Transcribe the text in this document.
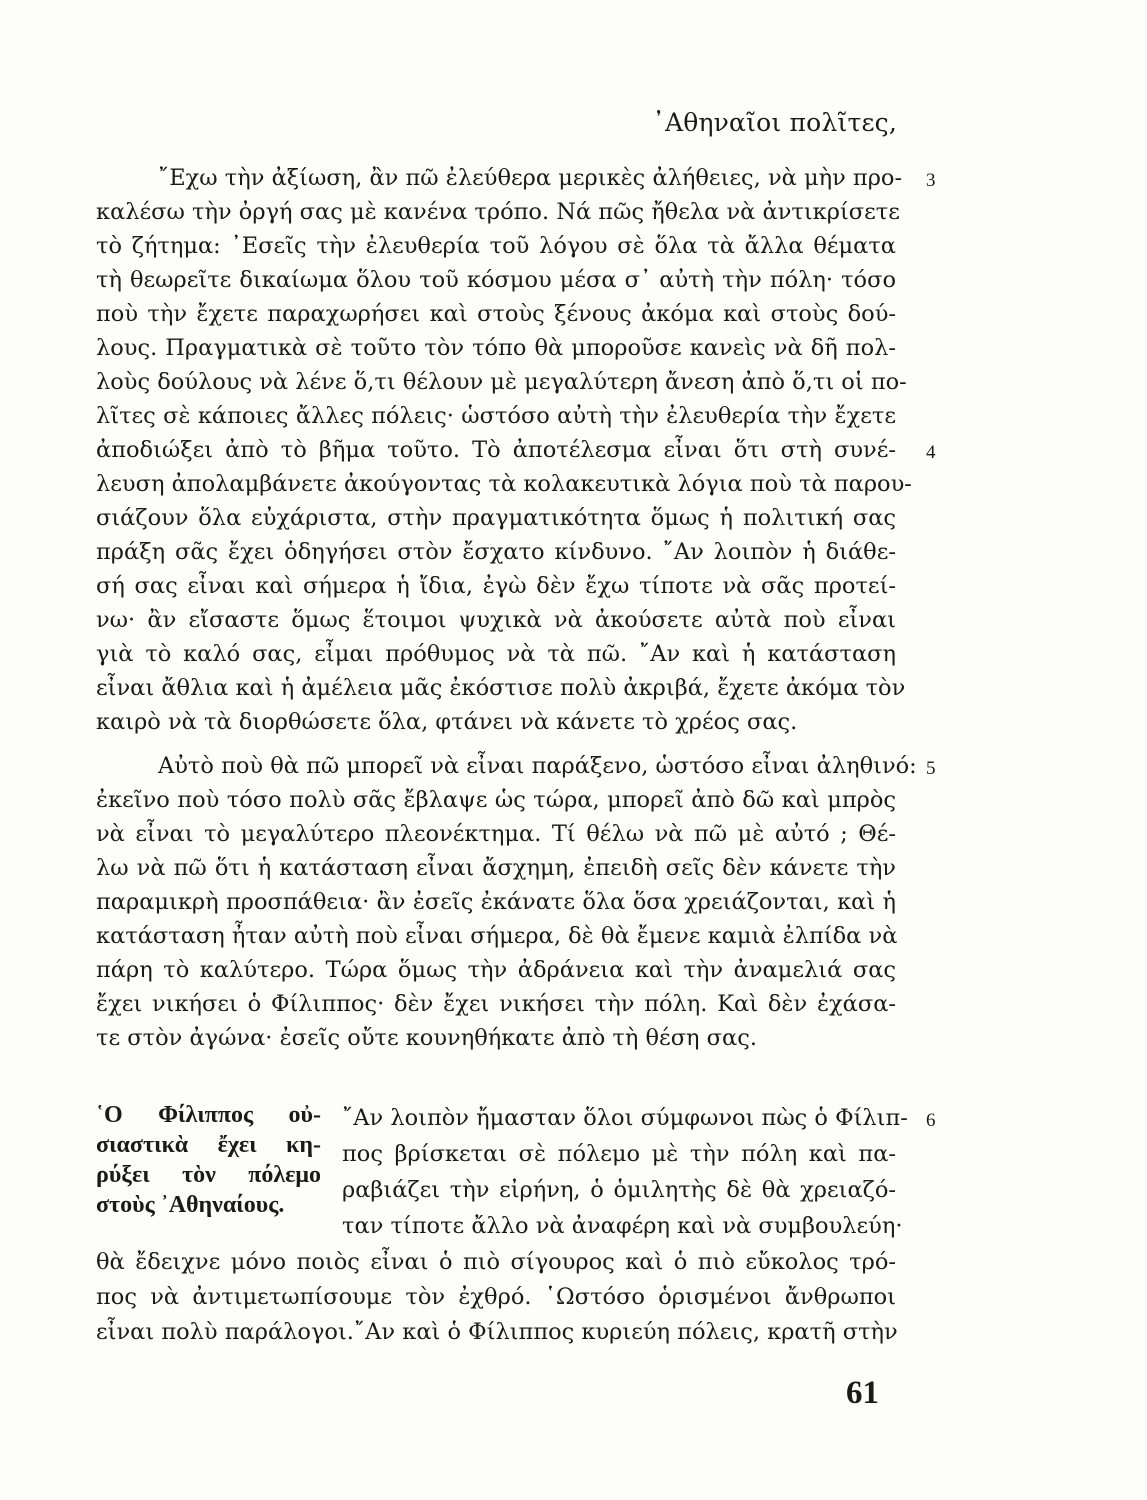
᾿Αθηναῖοι πολῖτες,
῎Εχω τὴν ἀξίωση, ἂν πῶ ἐλεύθερα μερικὲς ἀλήθειες, νὰ μὴν προ-
καλέσω τὴν ὀργή σας μὲ κανένα τρόπο. Νά πῶς ἤθελα νὰ ἀντικρίσετε
τὸ ζήτημα: ᾿Εσεῖς τὴν ἐλευθερία τοῦ λόγου σὲ ὅλα τὰ ἄλλα θέματα
τὴ θεωρεῖτε δικαίωμα ὅλου τοῦ κόσμου μέσα σ᾿ αὐτὴ τὴν πόλη· τόσο
ποὺ τὴν ἔχετε παραχωρήσει καὶ στοὺς ξένους ἀκόμα καὶ στοὺς δού-
λους. Πραγματικὰ σὲ τοῦτο τὸν τόπο θὰ μποροῦσε κανεὶς νὰ δῆ πολ-
λοὺς δούλους νὰ λένε ὅ,τι θέλουν μὲ μεγαλύτερη ἄνεση ἀπὸ ὅ,τι οἱ πο-
λῖτες σὲ κάποιες ἄλλες πόλεις· ὡστόσο αὐτὴ τὴν ἐλευθερία τὴν ἔχετε
ἀποδιώξει ἀπὸ τὸ βῆμα τοῦτο. Τὸ ἀποτέλεσμα εἶναι ὅτι στὴ συνέ-
λευση ἀπολαμβάνετε ἀκούγοντας τὰ κολακευτικὰ λόγια ποὺ τὰ παρου-
σιάζουν ὅλα εὐχάριστα, στὴν πραγματικότητα ὅμως ἡ πολιτική σας
πράξη σᾶς ἔχει ὁδηγήσει στὸν ἔσχατο κίνδυνο. ῎Αν λοιπὸν ἡ διάθε-
σή σας εἶναι καὶ σήμερα ἡ ἴδια, ἐγὼ δὲν ἔχω τίποτε νὰ σᾶς προτεί-
νω· ἂν εἴσαστε ὅμως ἕτοιμοι ψυχικὰ νὰ ἀκούσετε αὐτὰ ποὺ εἶναι
γιὰ τὸ καλό σας, εἶμαι πρόθυμος νὰ τὰ πῶ. ῎Αν καὶ ἡ κατάσταση
εἶναι ἄθλια καὶ ἡ ἀμέλεια μᾶς ἐκόστισε πολὺ ἀκριβά, ἔχετε ἀκόμα τὸν
καιρὸ νὰ τὰ διορθώσετε ὅλα, φτάνει νὰ κάνετε τὸ χρέος σας.
Αὐτὸ ποὺ θὰ πῶ μπορεῖ νὰ εἶναι παράξενο, ὡστόσο εἶναι ἀληθινό:
ἐκεῖνο ποὺ τόσο πολὺ σᾶς ἔβλαψε ὡς τώρα, μπορεῖ ἀπὸ δῶ καὶ μπρὸς
νὰ εἶναι τὸ μεγαλύτερο πλεονέκτημα. Τί θέλω νὰ πῶ μὲ αὐτό ; Θέ-
λω νὰ πῶ ὅτι ἡ κατάσταση εἶναι ἄσχημη, ἐπειδὴ σεῖς δὲν κάνετε τὴν
παραμικρὴ προσπάθεια· ἂν ἐσεῖς ἐκάνατε ὅλα ὅσα χρειάζονται, καὶ ἡ
κατάσταση ἦταν αὐτὴ ποὺ εἶναι σήμερα, δὲ θὰ ἔμενε καμιὰ ἐλπίδα νὰ
πάρη τὸ καλύτερο. Τώρα ὅμως τὴν ἀδράνεια καὶ τὴν ἀναμελιά σας
ἔχει νικήσει ὁ Φίλιππος· δὲν ἔχει νικήσει τὴν πόλη. Καὶ δὲν ἐχάσα-
τε στὸν ἀγώνα· ἐσεῖς οὔτε κουνηθήκατε ἀπὸ τὴ θέση σας.
῾Ο Φίλιππος οὐ-
σιαστικὰ ἔχει κη-
ρύξει τὸν πόλεμο
στοὺς ᾿Αθηναίους.
῎Αν λοιπὸν ἤμασταν ὅλοι σύμφωνοι πὼς ὁ Φίλιπ-
πος βρίσκεται σὲ πόλεμο μὲ τὴν πόλη καὶ πα-
ραβιάζει τὴν εἰρήνη, ὁ ὁμιλητὴς δὲ θὰ χρειαζό-
ταν τίποτε ἄλλο νὰ ἀναφέρη καὶ νὰ συμβουλεύη·
θὰ ἔδειχνε μόνο ποιὸς εἶναι ὁ πιὸ σίγουρος καὶ ὁ πιὸ εὔκολος τρό-
πος νὰ ἀντιμετωπίσουμε τὸν ἐχθρό. ῾Ωστόσο ὁρισμένοι ἄνθρωποι
εἶναι πολὺ παράλογοι.῎Αν καὶ ὁ Φίλιππος κυριεύη πόλεις, κρατῆ στὴν
3
4
5
6
61
